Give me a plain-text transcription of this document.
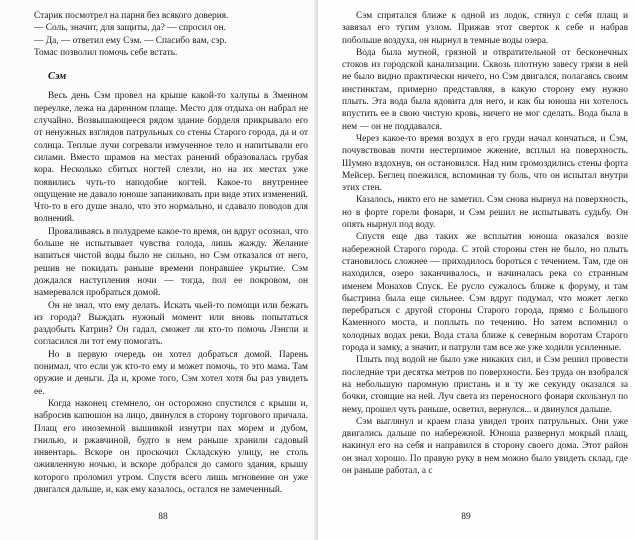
Старик посмотрел на парня без всякого доверия.

— Соль, значит, для защиты, да? — спросил он.

— Да, — ответил ему Сэм. — Спасибо вам, сэр.

Томас позволил помочь себе встать.

Сэм

Весь день Сэм провел на крыше какой-то халупы в Змеином переулке, лежа на даренном плаще. Место для отдыха он набрал не случайно. Возвышающееся рядом здание борделя прикрывало его от ненужных взглядов патрульных со стены Старого города, да и от солнца. Теплые лучи согревали измученное тело и напитывали его силами. Вместо шрамов на местах ранений образовалась грубая кора. Несколько сбитых ногтей слезли, но на их местах уже появились чуть-то наподобие когтей. Какое-то внутреннее ощущение не давало юноше запаниковать при виде этих изменений. Что-то в его душе знало, что это нормально, и сдавало поводов для волнений.

Проваливаясь в полудреме какое-то время, он вдруг осознал, что больше не испытывает чувства голода, лишь жажду. Желание напиться чистой воды было не сильно, но Сэм отказался от него, решив не покидать раньше времени понравшее укрытие. Сэм дождался наступления ночи — тогда, пол ее покровом, он намеревался пробраться домой.

Он не знал, что ему делать. Искать чьей-то помощи или бежать из города? Выждать нужный момент или вновь попытаться раздобыть Катрин? Он гадал, сможет ли кто-то помочь Лэнгли и согласился ли тот ему помогать.

Но в первую очередь он хотел добраться домой. Парень понимал, что если уж кто-то ему и может помочь, то это мама. Там оружие и деньги. Да и, кроме того, Сэм хотел хотя бы раз увидеть ее.

Когда наконец стемнело, он осторожно спустился с крыши и, набросив капюшон на лицо, двинулся в сторону торгового причала. Плащ его иноземной вышивкой изнутри пах морем и дубом, гнилью, и ржавчиной, будто в нем раньше хранили садовый инвентарь. Вскоре он проскочил Складскую улицу, не столь оживленную ночью, и вскоре добрался до самого здания, крышу которого проломил утром. Спустя всего лишь мгновение он уже двигался дальше, и, как ему казалось, остался не замеченный.

88

Сэм спрятался ближе к одной из лодок, стянул с себя плащ и завязал его тугим узлом. Прижав этот сверток к себе и набрав побольше воздуха, он нырнул в темные воды озера.

Вода была мутной, грязной и отвратительной от бесконечных стоков из городской канализации. Сквозь плотную завесу грязи в ней не было видно практически ничего, но Сэм двигался, полагаясь своим инстинктам, примерно представляя, в какую сторону ему нужно плыть. Эта вода была ядовита для него, и как бы юноша ни хотелось впустить ее в свою чистую кровь, ничего не мог сделать. Вода была в нем — он не поддавался.

Через какое-то время воздух в его груди начал кончаться, и Сэм, почувствовав почти нестерпимое жжение, всплыл на поверхность. Шумно вздохнув, он остановился. Над ним громоздились стены форта Мейсер. Беглец поежился, вспоминая ту боль, что он испытал внутри этих стен.

Казалось, никто его не заметил. Сэм снова нырнул на поверхность, но в форте горели фонари, и Сэм решил не испытывать судьбу. Он опять нырнул под воду.

Спустя еще два таких же всплытия юноша оказался возле набережной Старого города. С этой стороны стен не было, но плыть становилось сложнее — приходилось бороться с течением. Там, где он находился, озеро заканчивалось, и начиналась река со странным именем Монахов Спуск. Ее русло сужалось ближе к форуму, и там быстрина была еще сильнее. Сэм вдруг подумал, что может легко перебраться с другой стороны Старого города, прямо с Большого Каменного моста, и поплыть по течению. Но затем вспомнил о холодных водах реки. Вода стала ближе к северным воротам Старого города и замку, а значит, и патрули там все же уже ходили усиленные.

Плыть под водой не было уже никаких сил, и Сэм решил провести последние три десятка метров по поверхности. Без труда он взобрался на небольшую паромную пристань и в ту же секунду оказался за бочки, стоящие на ней. Луч света из переносного фонаря скользнул по нему, прошел чуть раньше, осветил, вернулся... и двинулся дальше.

Сэм выглянул и краем глаза увидел троих патрульных. Они уже двигались дальше по набережной. Юноша развернул мокрый плащ, накинул его на себя и направился в сторону своего дома. Этот район он знал хорошо. По правую руку в нем можно было увидеть склад, где он раньше работал, а с

89
